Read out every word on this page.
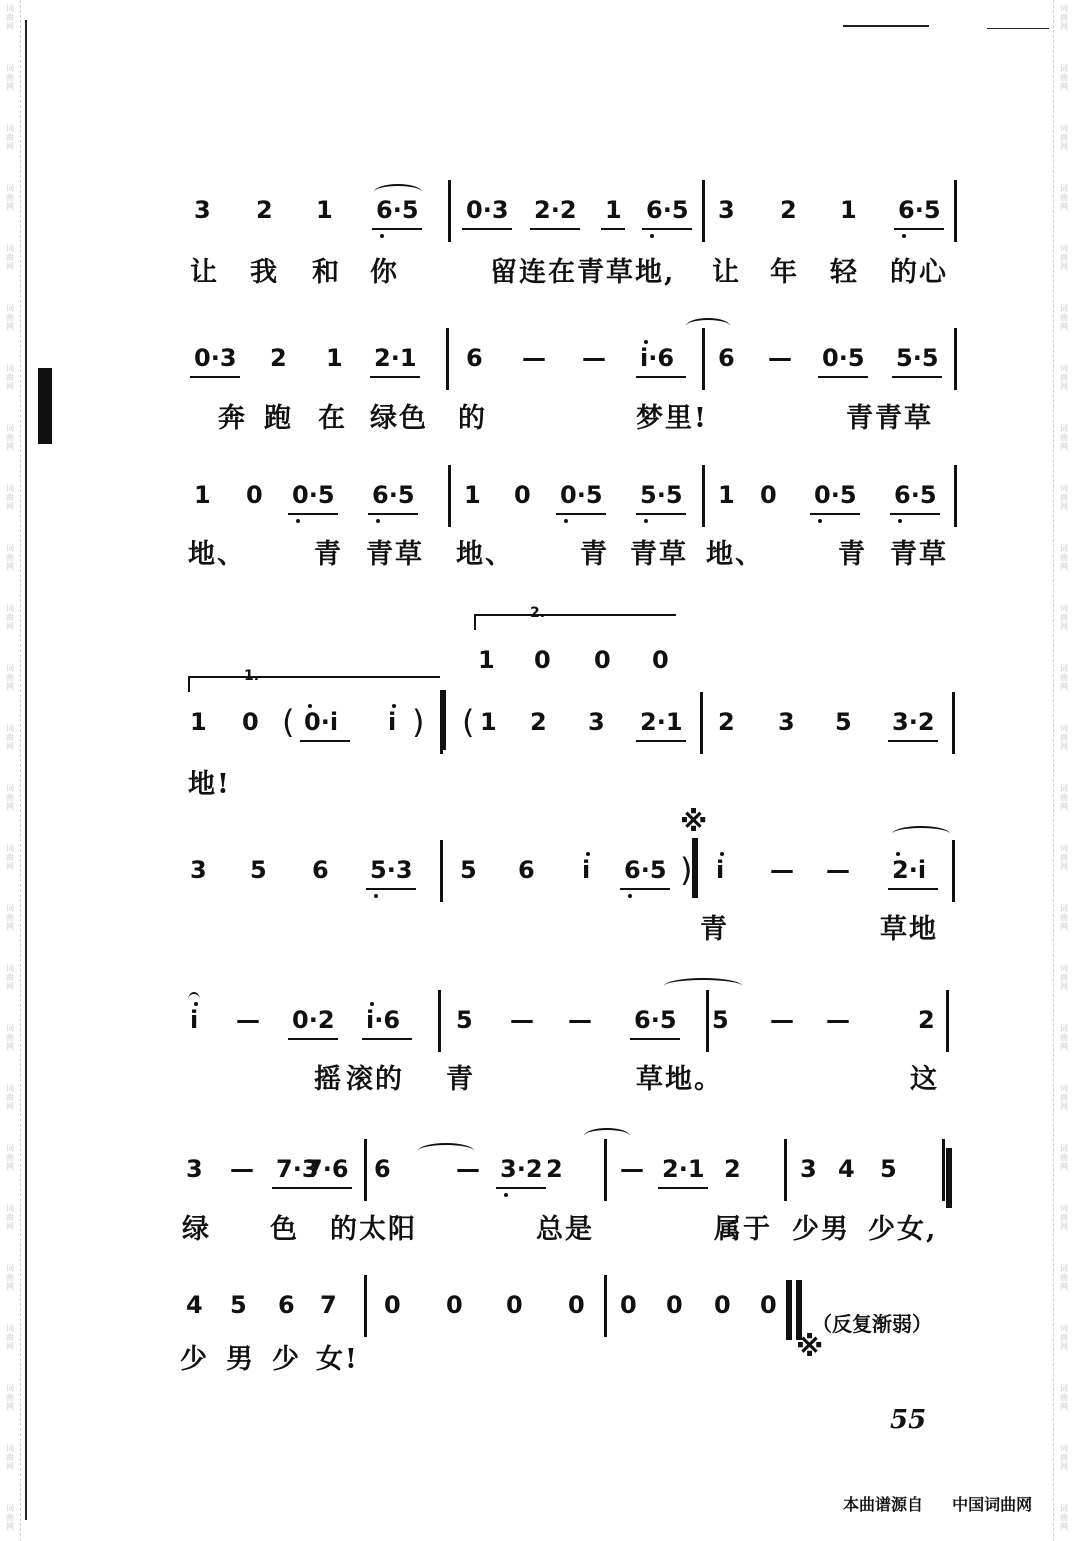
词
曲
网
词
曲
网
词
曲
网
词
曲
网
词
曲
网
词
曲
网
词
曲
网
词
曲
网
词
曲
网
词
曲
网
词
曲
网
词
曲
网
词
曲
网
词
曲
网
词
曲
网
词
曲
网
词
曲
网
词
曲
网
词
曲
网
词
曲
网
词
曲
网
词
曲
网
词
曲
网
词
曲
网
词
曲
网
词
曲
网
词
曲
网
词
曲
网
词
曲
网
词
曲
网
词
曲
网
词
曲
网
词
曲
网
词
曲
网
词
曲
网
词
曲
网
词
曲
网
词
曲
网
词
曲
网
词
曲
网
词
曲
网
词
曲
网
词
曲
网
词
曲
网
词
曲
网
词
曲
网
词
曲
网
词
曲
网
词
曲
网
词
曲
网
词
曲
网
词
曲
网
3 2 1 6·5 0·3 2·2 1 6·5 3 2 1 6·5
让 我 和 你	留连在青草地, 让 年 轻 的心
0·3 2 1 2·1 6 — — i·6 6 — 0·5 5·5
奔 跑 在 绿色 的	梦里!	青青草
1 0 0·5 6·5 1 0 0·5 5·5 1 0 0·5 6·5
地、	青 青草 地、 青 青草 地、	青 青草
1 0 ( 0·i i ) ( 1 2 3 2·1 2 3 5 3·2
1 0 0 0
地!
3 5 6 5·3 5 6 i 6·5 ) i — — 2·i
青	草地
i — 0·2 i·6 5 — — 6·5 5 — —	2
摇 滚的 青	草地。	这
3 — 7·3
7·6 6	— 3·2 2 — 2·1 2 3 4 5
绿 色 的太阳	总是	属于 少男 少女,
4 5 6 7 0 0 0 0 0 0 0 0
少 男 少 女!
55
本曲谱源自 中国词曲网
（反复渐弱）
※
※
1.
2.
